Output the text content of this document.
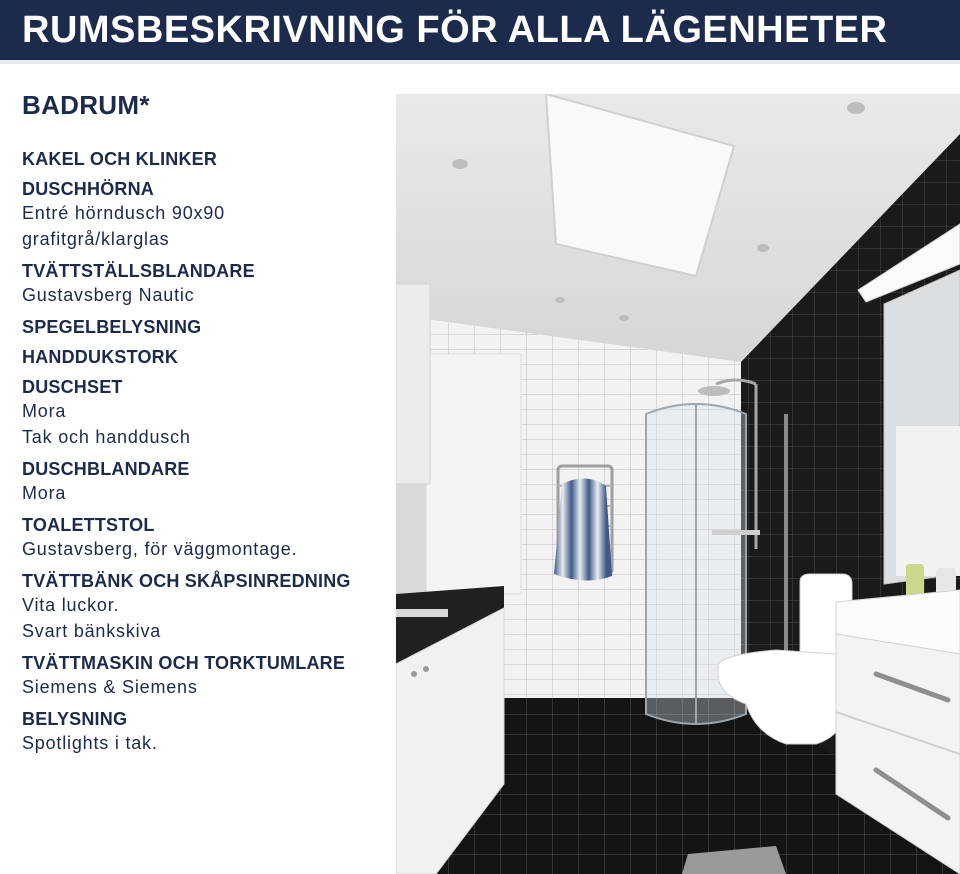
RUMSBESKRIVNING FÖR ALLA LÄGENHETER
BADRUM*
KAKEL OCH KLINKER
DUSCHHÖRNA
Entré hörndusch 90x90
grafitgrå/klarglas
TVÄTTSTÄLLSBLANDARE
Gustavsberg Nautic
SPEGELBELYSNING
HANDDUKSTORK
DUSCHSET
Mora
Tak och handdusch
DUSCHBLANDARE
Mora
TOALETTSTOL
Gustavsberg, för väggmontage.
TVÄTTBÄNK OCH SKÅPSINREDNING
Vita luckor.
Svart bänkskiva
TVÄTTMASKIN OCH TORKTUMLARE
Siemens & Siemens
BELYSNING
Spotlights i tak.
